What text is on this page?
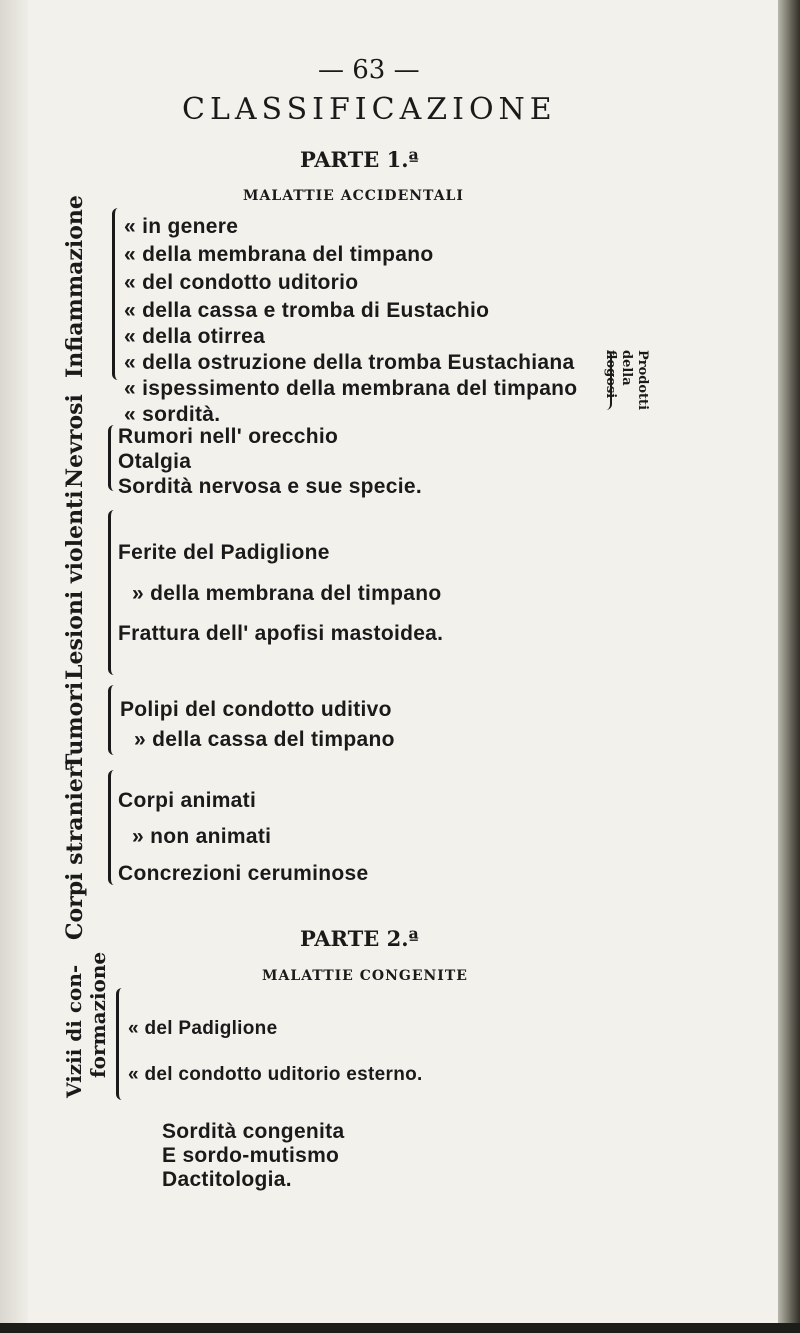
— 63 —
CLASSIFICAZIONE
PARTE 1.ª
MALATTIE ACCIDENTALI
Infiammazione « in genere
« della membrana del timpano
« del condotto uditorio
« della cassa e tromba di Eustachio
« della otirrea
« della ostruzione della tromba Eustachiana
« ispessimento della membrana del timpano
« sordità.
Prodotti
della
flogosi
Nevrosi Rumori nell' orecchio
Otalgia
Sordità nervosa e sue specie.
Lesioni violenti Ferite del Padiglione
» della membrana del timpano
Frattura dell' apofisi mastoidea.
Tumori Polipi del condotto uditivo
» della cassa del timpano
Corpi stranieri Corpi animati
» non animati
Concrezioni ceruminose
PARTE 2.ª
MALATTIE CONGENITE
Vizii di con- formazione « del Padiglione
« del condotto uditorio esterno.
Sordità congenita
E sordo-mutismo
Dactitologia.
